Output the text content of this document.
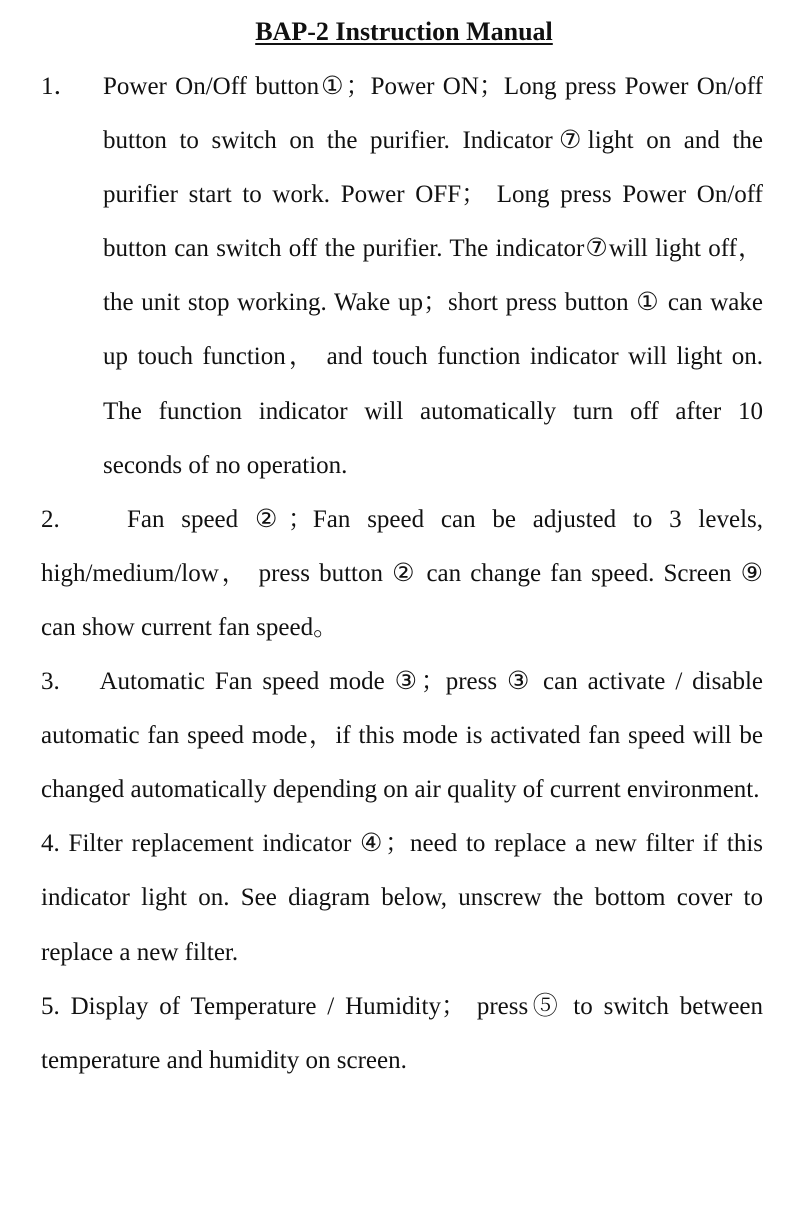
BAP-2 Instruction Manual

1． Power On/Off button①；Power ON；Long press Power On/off button to switch on the purifier. Indicator⑦light on and the purifier start to work. Power OFF； Long press Power On/off button can switch off the purifier. The indicator⑦will light off，the unit stop working. Wake up；short press button ① can wake up touch function， and touch function indicator will light on. The function indicator will automatically turn off after 10 seconds of no operation.

2.	Fan speed ②；Fan speed can be adjusted to 3 levels, high/medium/low， press button ② can change fan speed. Screen ⑨ can show current fan speed。

3. Automatic Fan speed mode ③；press ③ can activate / disable automatic fan speed mode，if this mode is activated fan speed will be changed automatically depending on air quality of current environment.

4. Filter replacement indicator ④；need to replace a new filter if this indicator light on. See diagram below, unscrew the bottom cover to replace a new filter.

5. Display of Temperature / Humidity； press⑤ to switch between temperature and humidity on screen.
